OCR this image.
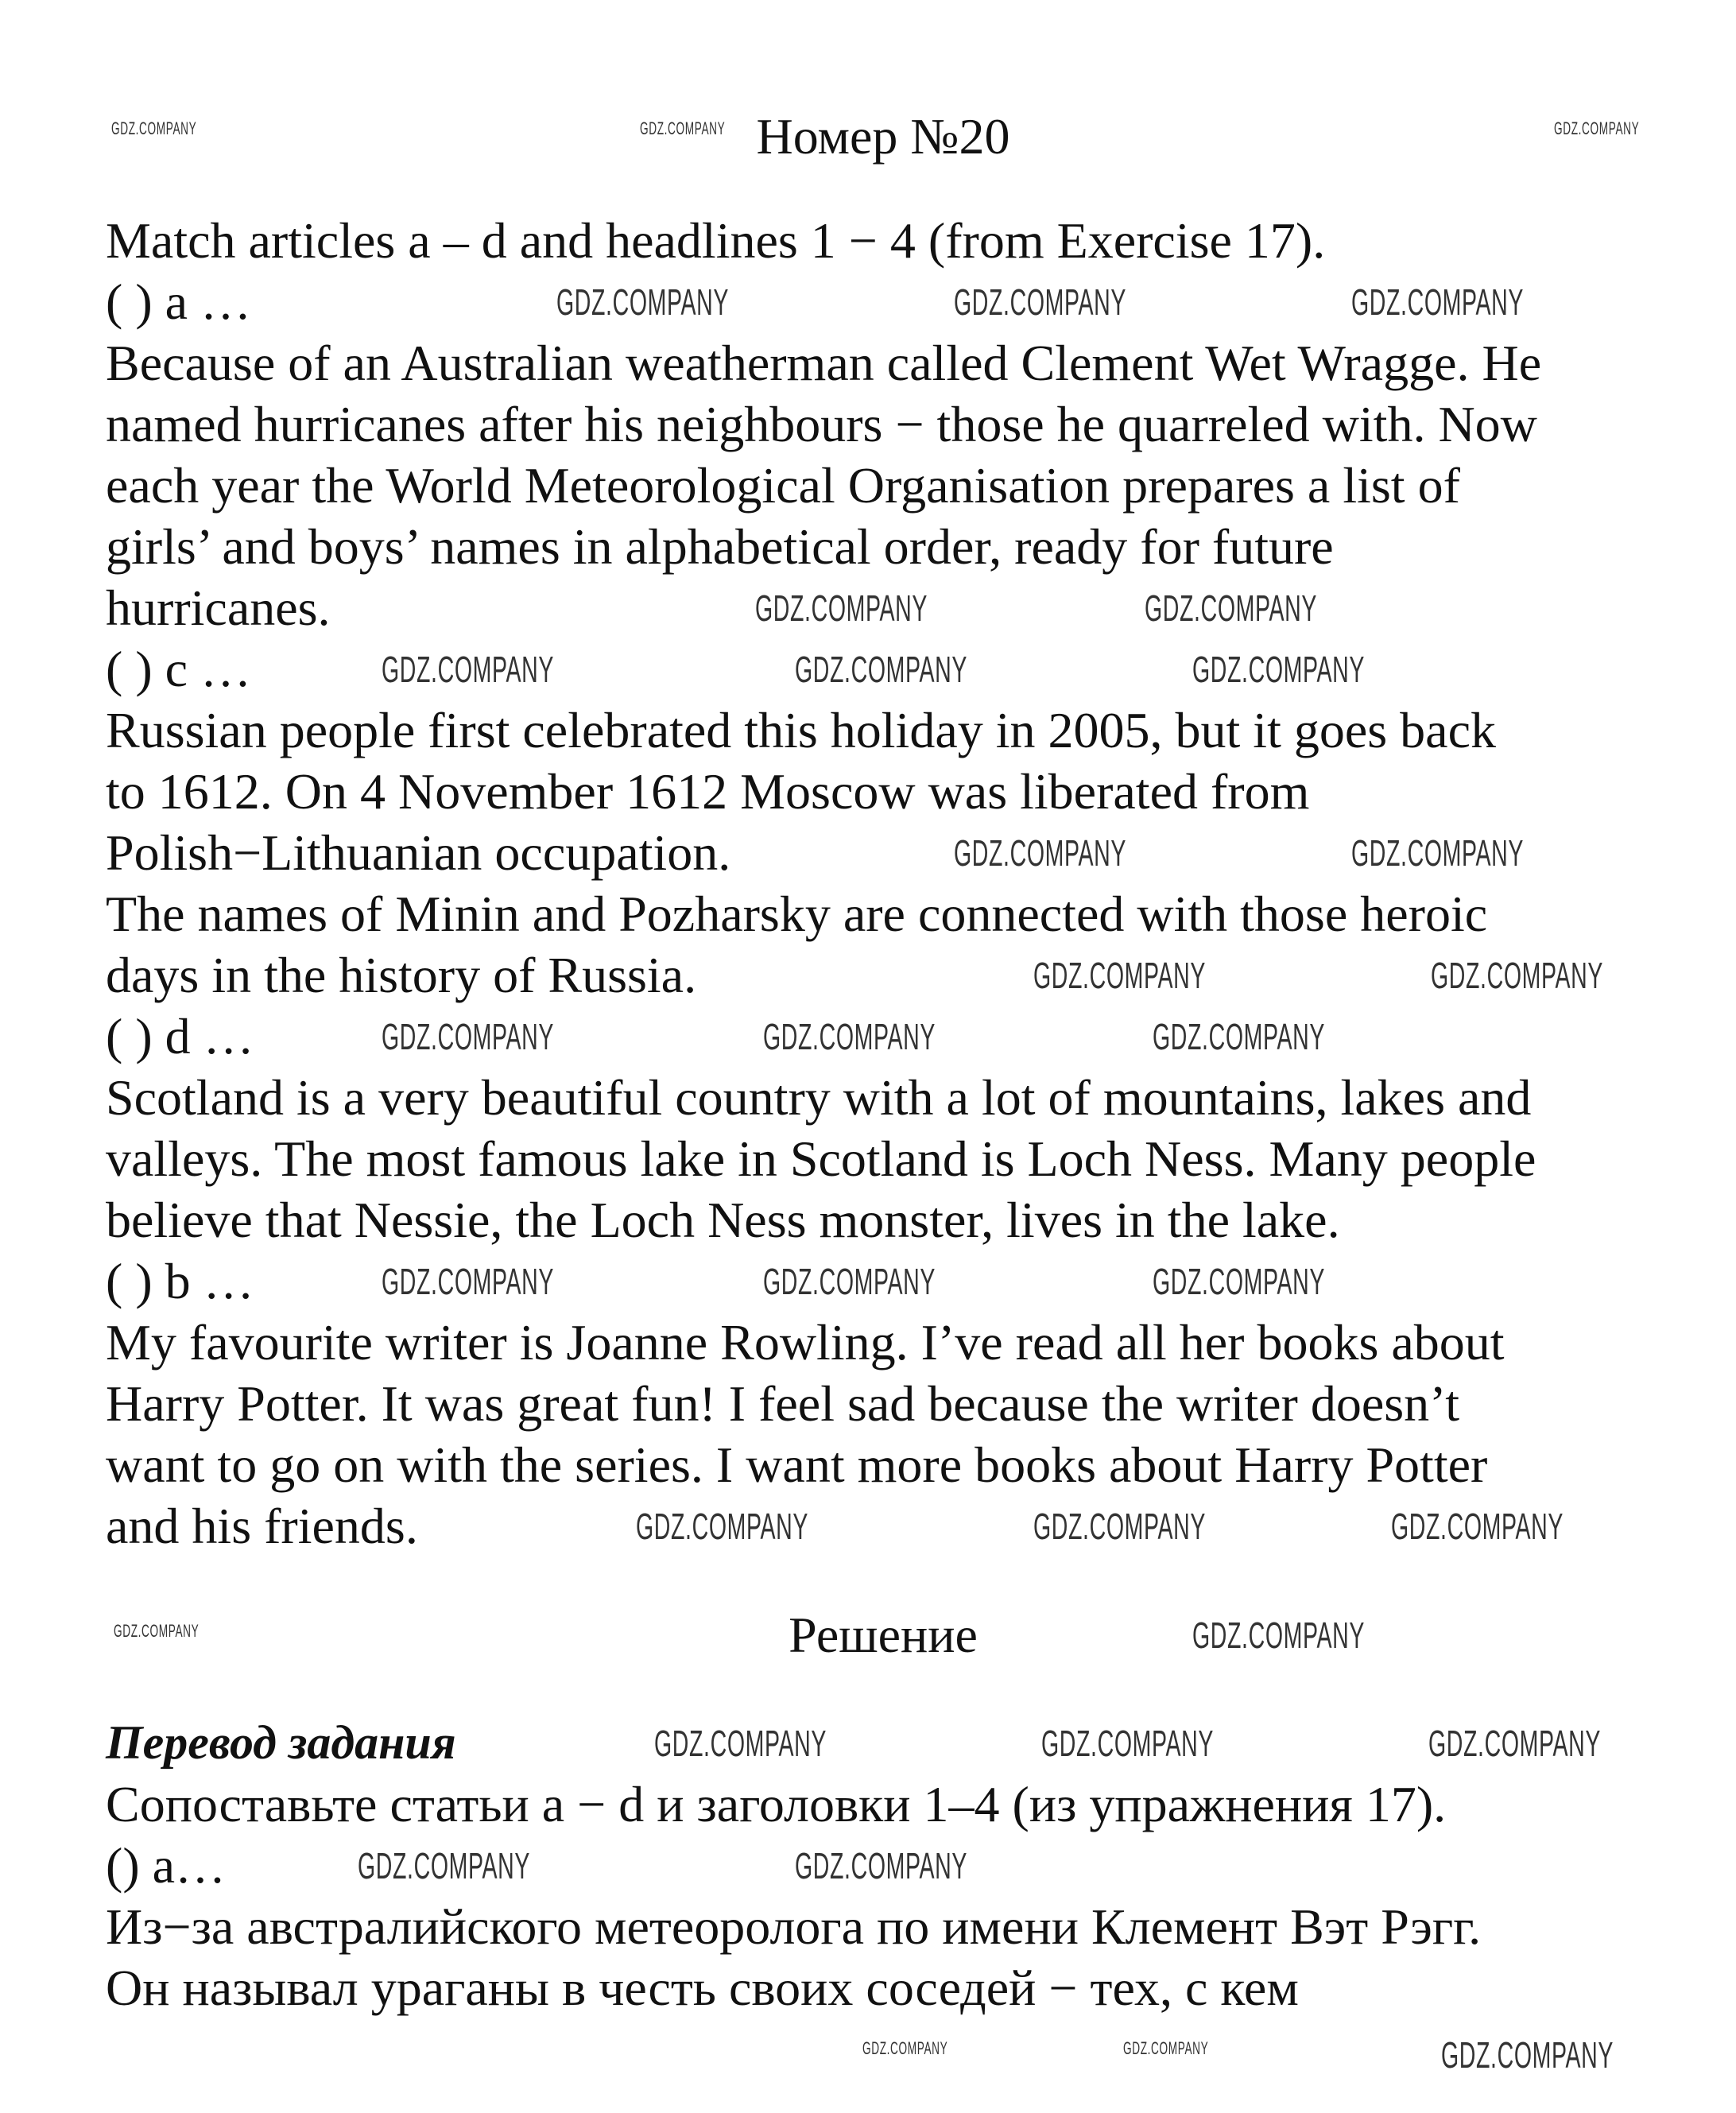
Номер №20
Match articles a – d and headlines 1 − 4 (from Exercise 17).
( ) a …
Because of an Australian weatherman called Clement Wet Wragge. He
named hurricanes after his neighbours − those he quarreled with. Now
each year the World Meteorological Organisation prepares a list of
girls’ and boys’ names in alphabetical order, ready for future
hurricanes.
( ) c …
Russian people first celebrated this holiday in 2005, but it goes back
to 1612. On 4 November 1612 Moscow was liberated from
Polish−Lithuanian occupation.
The names of Minin and Pozharsky are connected with those heroic
days in the history of Russia.
( ) d …
Scotland is a very beautiful country with a lot of mountains, lakes and
valleys. The most famous lake in Scotland is Loch Ness. Many people
believe that Nessie, the Loch Ness monster, lives in the lake.
( ) b …
My favourite writer is Joanne Rowling. I’ve read all her books about
Harry Potter. It was great fun! I feel sad because the writer doesn’t
want to go on with the series. I want more books about Harry Potter
and his friends.
Решение
Перевод задания
Сопоставьте статьи a − d и заголовки 1–4 (из упражнения 17).
() a…
Из−за австралийского метеоролога по имени Клемент Вэт Рэгг.
Он называл ураганы в честь своих соседей − тех, с кем
GDZ.COMPANY	GDZ.COMPANY	GDZ.COMPANY
GDZ.COMPANY	GDZ.COMPANY	GDZ.COMPANY
GDZ.COMPANY	GDZ.COMPANY
GDZ.COMPANY	GDZ.COMPANY	GDZ.COMPANY
GDZ.COMPANY	GDZ.COMPANY
GDZ.COMPANY	GDZ.COMPANY
GDZ.COMPANY	GDZ.COMPANY	GDZ.COMPANY
GDZ.COMPANY	GDZ.COMPANY	GDZ.COMPANY
GDZ.COMPANY	GDZ.COMPANY	GDZ.COMPANY
GDZ.COMPANY	GDZ.COMPANY
GDZ.COMPANY	GDZ.COMPANY	GDZ.COMPANY
GDZ.COMPANY	GDZ.COMPANY
GDZ.COMPANY	GDZ.COMPANY	GDZ.COMPANY
